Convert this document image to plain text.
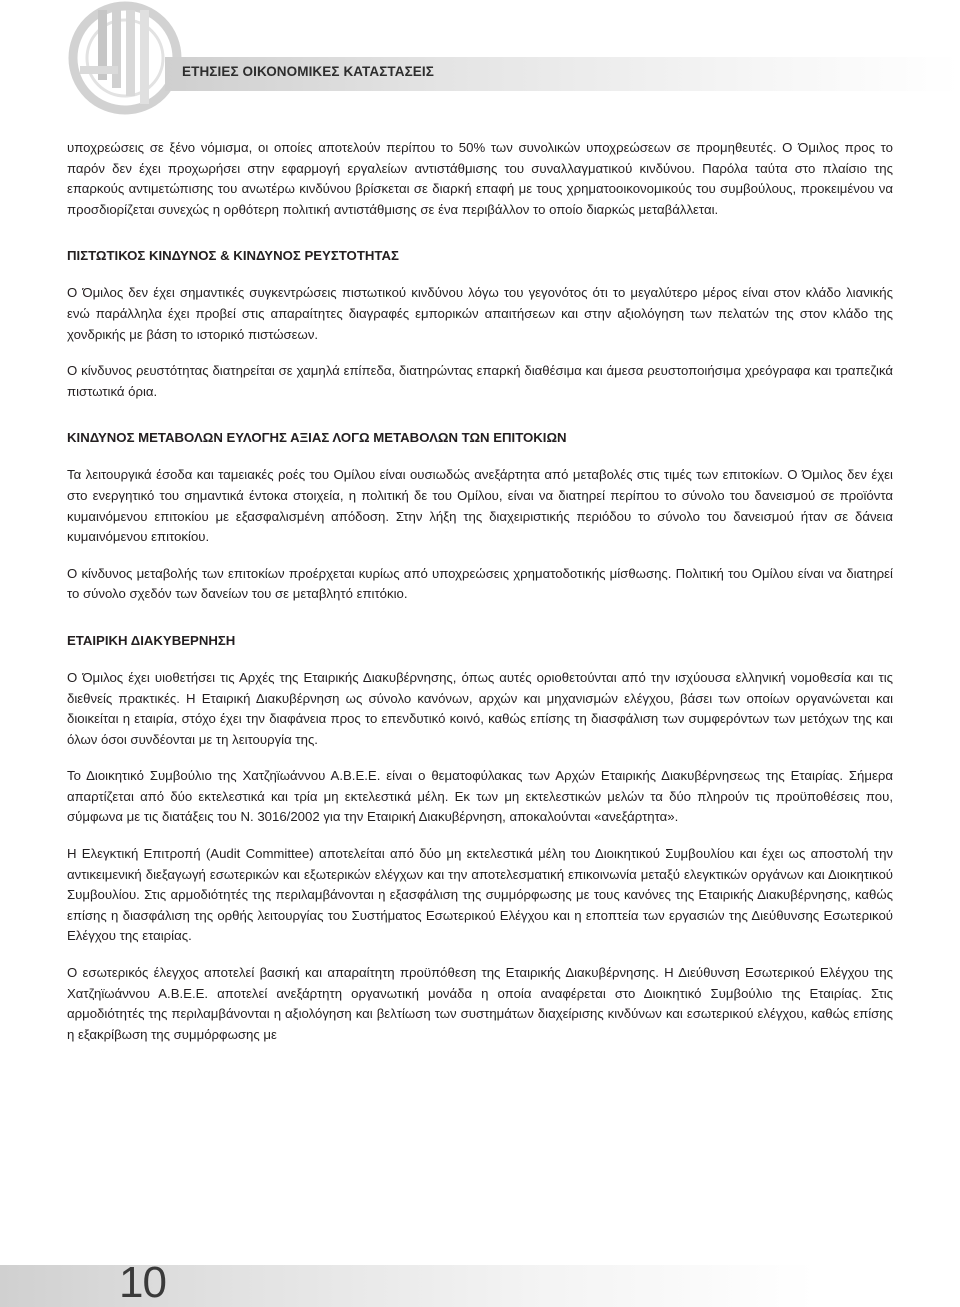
ΕΤΗΣΙΕΣ ΟΙΚΟΝΟΜΙΚΕΣ ΚΑΤΑΣΤΑΣΕΙΣ

υποχρεώσεις σε ξένο νόμισμα, οι οποίες αποτελούν περίπου το 50% των συνολικών υποχρεώσεων σε προμηθευτές. Ο Όμιλος προς το παρόν δεν έχει προχωρήσει στην εφαρμογή εργαλείων αντιστάθμισης του συναλλαγματικού κινδύνου. Παρόλα ταύτα στο πλαίσιο της επαρκούς αντιμετώπισης του ανωτέρω κινδύνου βρίσκεται σε διαρκή επαφή με τους χρηματοοικονομικούς του συμβούλους, προκειμένου να προσδιορίζεται συνεχώς η ορθότερη πολιτική αντιστάθμισης σε ένα περιβάλλον το οποίο διαρκώς μεταβάλλεται.

ΠΙΣΤΩΤΙΚΟΣ ΚΙΝΔΥΝΟΣ & ΚΙΝΔΥΝΟΣ ΡΕΥΣΤΟΤΗΤΑΣ

Ο Όμιλος δεν έχει σημαντικές συγκεντρώσεις πιστωτικού κινδύνου λόγω του γεγονότος ότι το μεγαλύτερο μέρος είναι στον κλάδο λιανικής ενώ παράλληλα έχει προβεί στις απαραίτητες διαγραφές εμπορικών απαιτήσεων και στην αξιολόγηση των πελατών της στον κλάδο της χονδρικής με βάση το ιστορικό πιστώσεων.

Ο κίνδυνος ρευστότητας διατηρείται σε χαμηλά επίπεδα, διατηρώντας επαρκή διαθέσιμα και άμεσα ρευστοποιήσιμα χρεόγραφα και τραπεζικά πιστωτικά όρια.

ΚΙΝΔΥΝΟΣ ΜΕΤΑΒΟΛΩΝ ΕΥΛΟΓΗΣ ΑΞΙΑΣ ΛΟΓΩ ΜΕΤΑΒΟΛΩΝ ΤΩΝ ΕΠΙΤΟΚΙΩΝ

Τα λειτουργικά έσοδα και ταμειακές ροές του Ομίλου είναι ουσιωδώς ανεξάρτητα από μεταβολές στις τιμές των επιτοκίων. Ο Όμιλος δεν έχει στο ενεργητικό του σημαντικά έντοκα στοιχεία, η πολιτική δε του Ομίλου, είναι να διατηρεί περίπου το σύνολο του δανεισμού σε προϊόντα κυμαινόμενου επιτοκίου με εξασφαλισμένη απόδοση. Στην λήξη της διαχειριστικής περιόδου το σύνολο του δανεισμού ήταν σε δάνεια κυμαινόμενου επιτοκίου.

Ο κίνδυνος μεταβολής των επιτοκίων προέρχεται κυρίως από υποχρεώσεις χρηματοδοτικής μίσθωσης. Πολιτική του Ομίλου είναι να διατηρεί το σύνολο σχεδόν των δανείων του σε μεταβλητό επιτόκιο.

ΕΤΑΙΡΙΚΗ ΔΙΑΚΥΒΕΡΝΗΣΗ

Ο Όμιλος έχει υιοθετήσει τις Αρχές της Εταιρικής Διακυβέρνησης, όπως αυτές οριοθετούνται από την ισχύουσα ελληνική νομοθεσία και τις διεθνείς πρακτικές. Η Εταιρική Διακυβέρνηση ως σύνολο κανόνων, αρχών και μηχανισμών ελέγχου, βάσει των οποίων οργανώνεται και διοικείται η εταιρία, στόχο έχει την διαφάνεια προς το επενδυτικό κοινό, καθώς επίσης τη διασφάλιση των συμφερόντων των μετόχων της και όλων όσοι συνδέονται με τη λειτουργία της.

Το Διοικητικό Συμβούλιο της Χατζηϊωάννου Α.Β.Ε.Ε. είναι ο θεματοφύλακας των Αρχών Εταιρικής Διακυβέρνησεως της Εταιρίας. Σήμερα απαρτίζεται από δύο εκτελεστικά και τρία μη εκτελεστικά μέλη. Εκ των μη εκτελεστικών μελών τα δύο πληρούν τις προϋποθέσεις που, σύμφωνα με τις διατάξεις του Ν. 3016/2002 για την Εταιρική Διακυβέρνηση, αποκαλούνται «ανεξάρτητα».

Η Ελεγκτική Επιτροπή (Audit Committee) αποτελείται από δύο μη εκτελεστικά μέλη του Διοικητικού Συμβουλίου και έχει ως αποστολή την αντικειμενική διεξαγωγή εσωτερικών και εξωτερικών ελέγχων και την αποτελεσματική επικοινωνία μεταξύ ελεγκτικών οργάνων και Διοικητικού Συμβουλίου. Στις αρμοδιότητές της περιλαμβάνονται η εξασφάλιση της συμμόρφωσης με τους κανόνες της Εταιρικής Διακυβέρνησης, καθώς επίσης η διασφάλιση της ορθής λειτουργίας του Συστήματος Εσωτερικού Ελέγχου και η εποπτεία των εργασιών της Διεύθυνσης Εσωτερικού Ελέγχου της εταιρίας.

Ο εσωτερικός έλεγχος αποτελεί βασική και απαραίτητη προϋπόθεση της Εταιρικής Διακυβέρνησης. Η Διεύθυνση Εσωτερικού Ελέγχου της Χατζηϊωάννου Α.Β.Ε.Ε. αποτελεί ανεξάρτητη οργανωτική μονάδα η οποία αναφέρεται στο Διοικητικό Συμβούλιο της Εταιρίας. Στις αρμοδιότητές της περιλαμβάνονται η αξιολόγηση και βελτίωση των συστημάτων διαχείρισης κινδύνων και εσωτερικού ελέγχου, καθώς επίσης η εξακρίβωση της συμμόρφωσης με

10
